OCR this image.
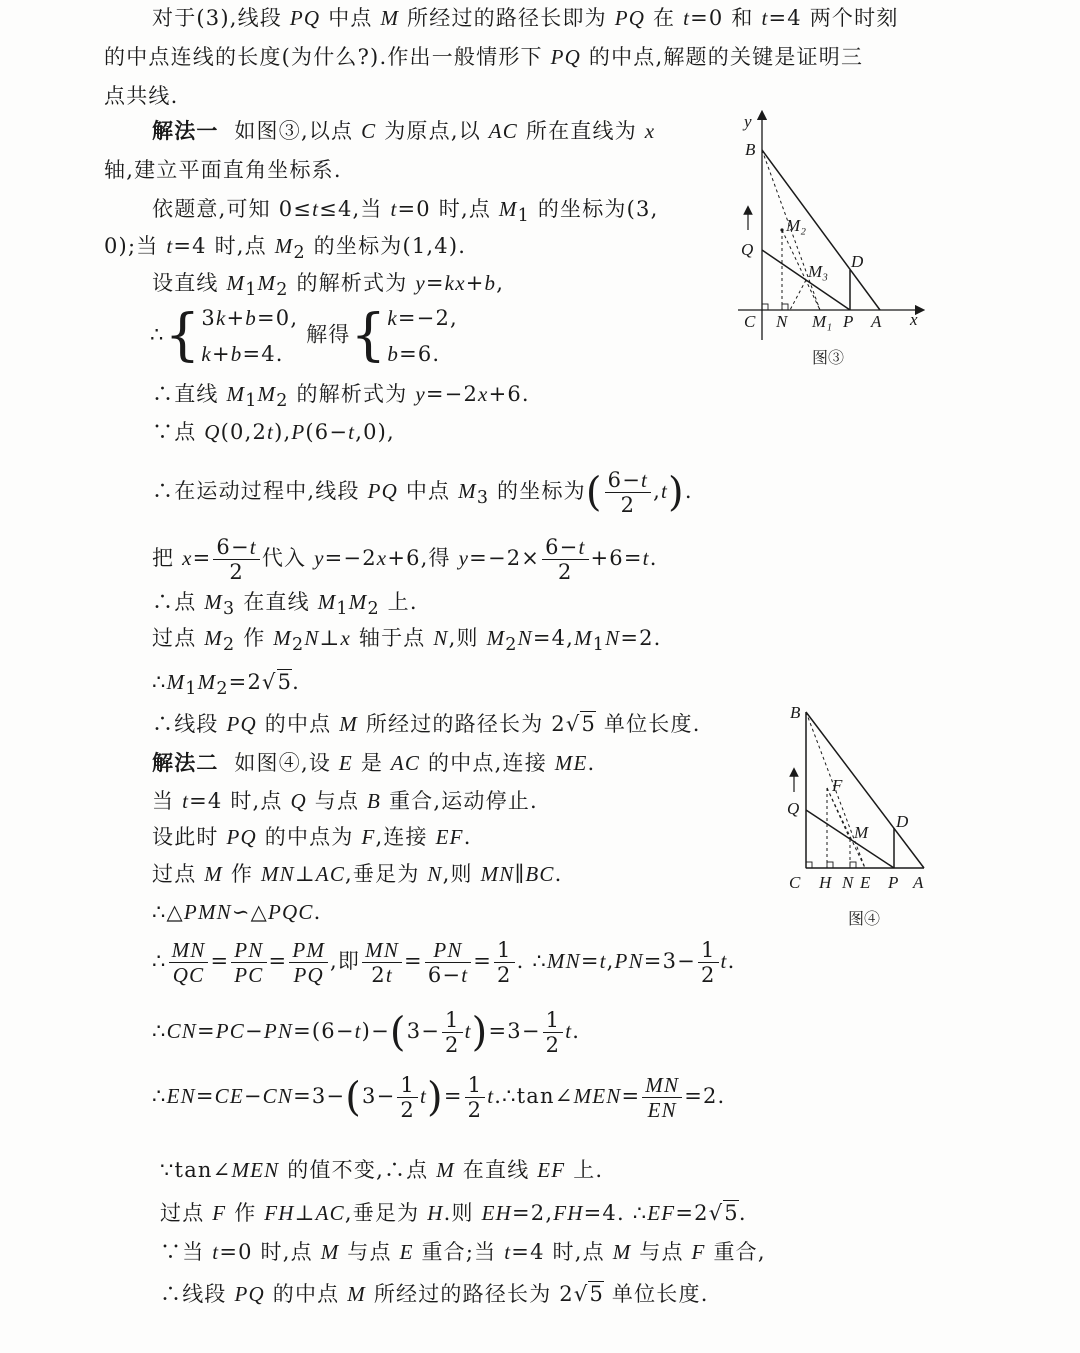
对于(3),线段 PQ 中点 M 所经过的路径长即为 PQ 在 t=0 和 t=4 两个时刻
的中点连线的长度(为什么?).作出一般情形下 PQ 的中点,解题的关键是证明三
点共线.
解法一  如图③,以点 C 为原点,以 AC 所在直线为 x
轴,建立平面直角坐标系.
依题意,可知 0≤t≤4,当 t=0 时,点 $M_1$ 的坐标为(3,
0);当 t=4 时,点 $M_2$ 的坐标为(1,4).
设直线 $M_1M_2$ 的解析式为 y=kx+b,
∴{3k+b=0,
k+b=4. 解得{k=−2,
b=6.
∴直线 $M_1M_2$ 的解析式为 y=−2x+6.
∵点 Q(0,2t),P(6−t,0),
∴在运动过程中,线段 PQ 中点 $M_3$ 的坐标为( $\frac{6-t}{2} ,t$).
把 $x= \frac{6-t}{2}$ 代入 y=−2x+6,得 $y=-2\times \frac{6-t}{2} +6=t$.
∴点 $M_3$ 在直线 $M_1M_2$ 上.
过点 $M_2$ 作 $M_2N\perp x$ 轴于点 N,则 $M_2N=4,M_1N=2$.
$\therefore M_1M_2=2√5$.
∴线段 PQ 的中点 M 所经过的路径长为 2√5 单位长度.
解法二  如图④,设 E 是 AC 的中点,连接 ME.
当 t=4 时,点 Q 与点 B 重合,运动停止.
设此时 PQ 的中点为 F,连接 EF.
过点 M 作 MN⊥AC,垂足为 N,则 MN∥BC.
∴△PMN∽△PQC.
∴ $\frac{MN}{QC} = \frac{PN}{PC} = \frac{PM}{PQ}$ ,即 $\frac{MN}{2t} = \frac{PN}{6-t} = \frac{1}{2}$ . ∴MN=t,PN=3− $\frac{1}{2} t$.
∴CN=PC−PN=(6−t)−(3− $\frac{1}{2} t)=3- \frac{1}{2} t$.
∴EN=CE−CN=3−(3− $\frac{1}{2} t)= \frac{1}{2}$ t.∴tan∠MEN= $\frac{MN}{EN} =2$.
∵tan∠MEN 的值不变,∴点 M 在直线 EF 上.
过点 F 作 FH⊥AC,垂足为 H.则 EH=2,FH=4. ∴EF=2√5.
∵当 t=0 时,点 M 与点 E 重合;当 t=4 时,点 M 与点 F 重合,
∴线段 PQ 的中点 M 所经过的路径长为 2√5 单位长度.
y
B
Q
M₂
M₃
D
C N M₁ P A x
图③
B
Q
F
M
D
C H N E P A
图④
